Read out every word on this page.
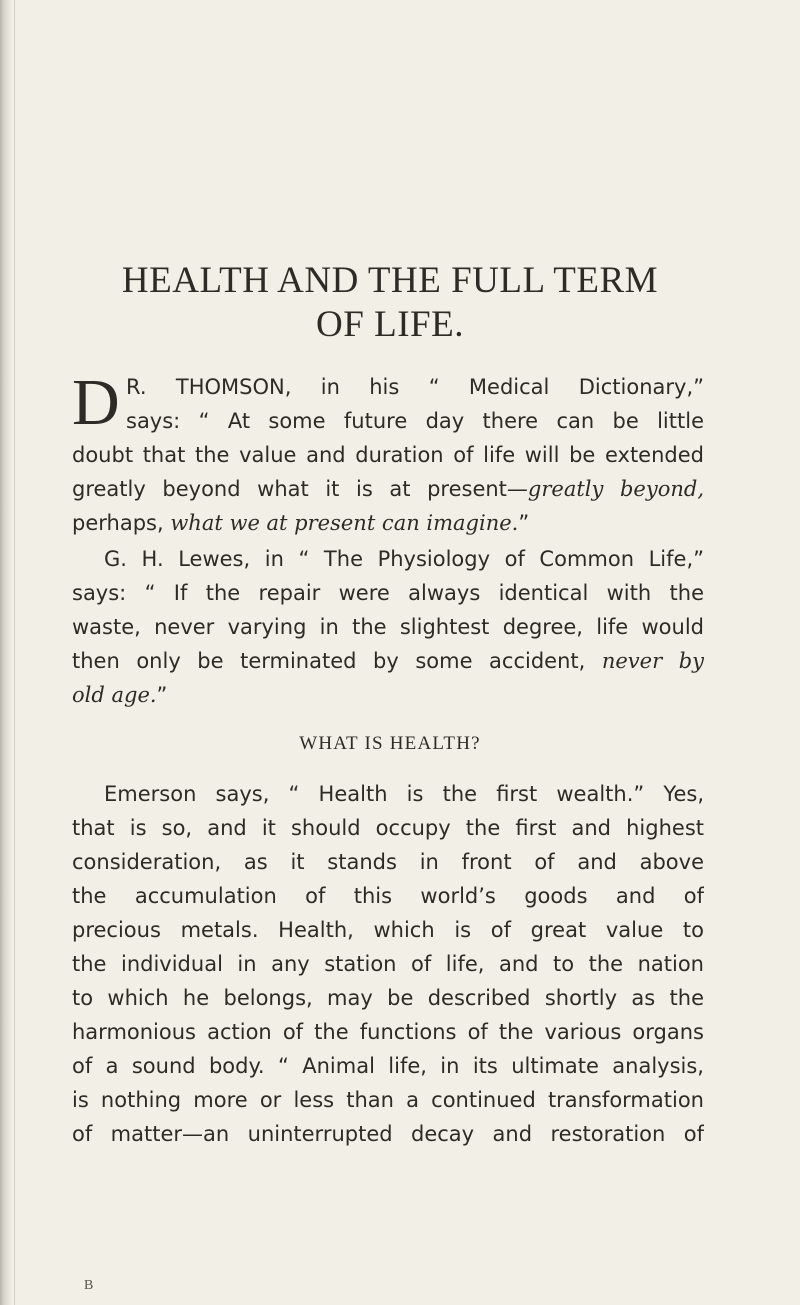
HEALTH AND THE FULL TERM
OF LIFE.
D R. THOMSON, in his “ Medical Dictionary,”
says: “ At some future day there can be little
doubt that the value and duration of life will be extended
greatly beyond what it is at present—greatly beyond,
perhaps, what we at present can imagine.”
G. H. Lewes, in “ The Physiology of Common Life,”
says: “ If the repair were always identical with the
waste, never varying in the slightest degree, life would
then only be terminated by some accident, never by
old age.”
WHAT IS HEALTH?
Emerson says, “ Health is the first wealth.” Yes,
that is so, and it should occupy the first and highest
consideration, as it stands in front of and above
the accumulation of this world’s goods and of
precious metals. Health, which is of great value to
the individual in any station of life, and to the nation
to which he belongs, may be described shortly as the
harmonious action of the functions of the various organs
of a sound body. “ Animal life, in its ultimate analysis,
is nothing more or less than a continued transformation
of matter—an uninterrupted decay and restoration of
B
